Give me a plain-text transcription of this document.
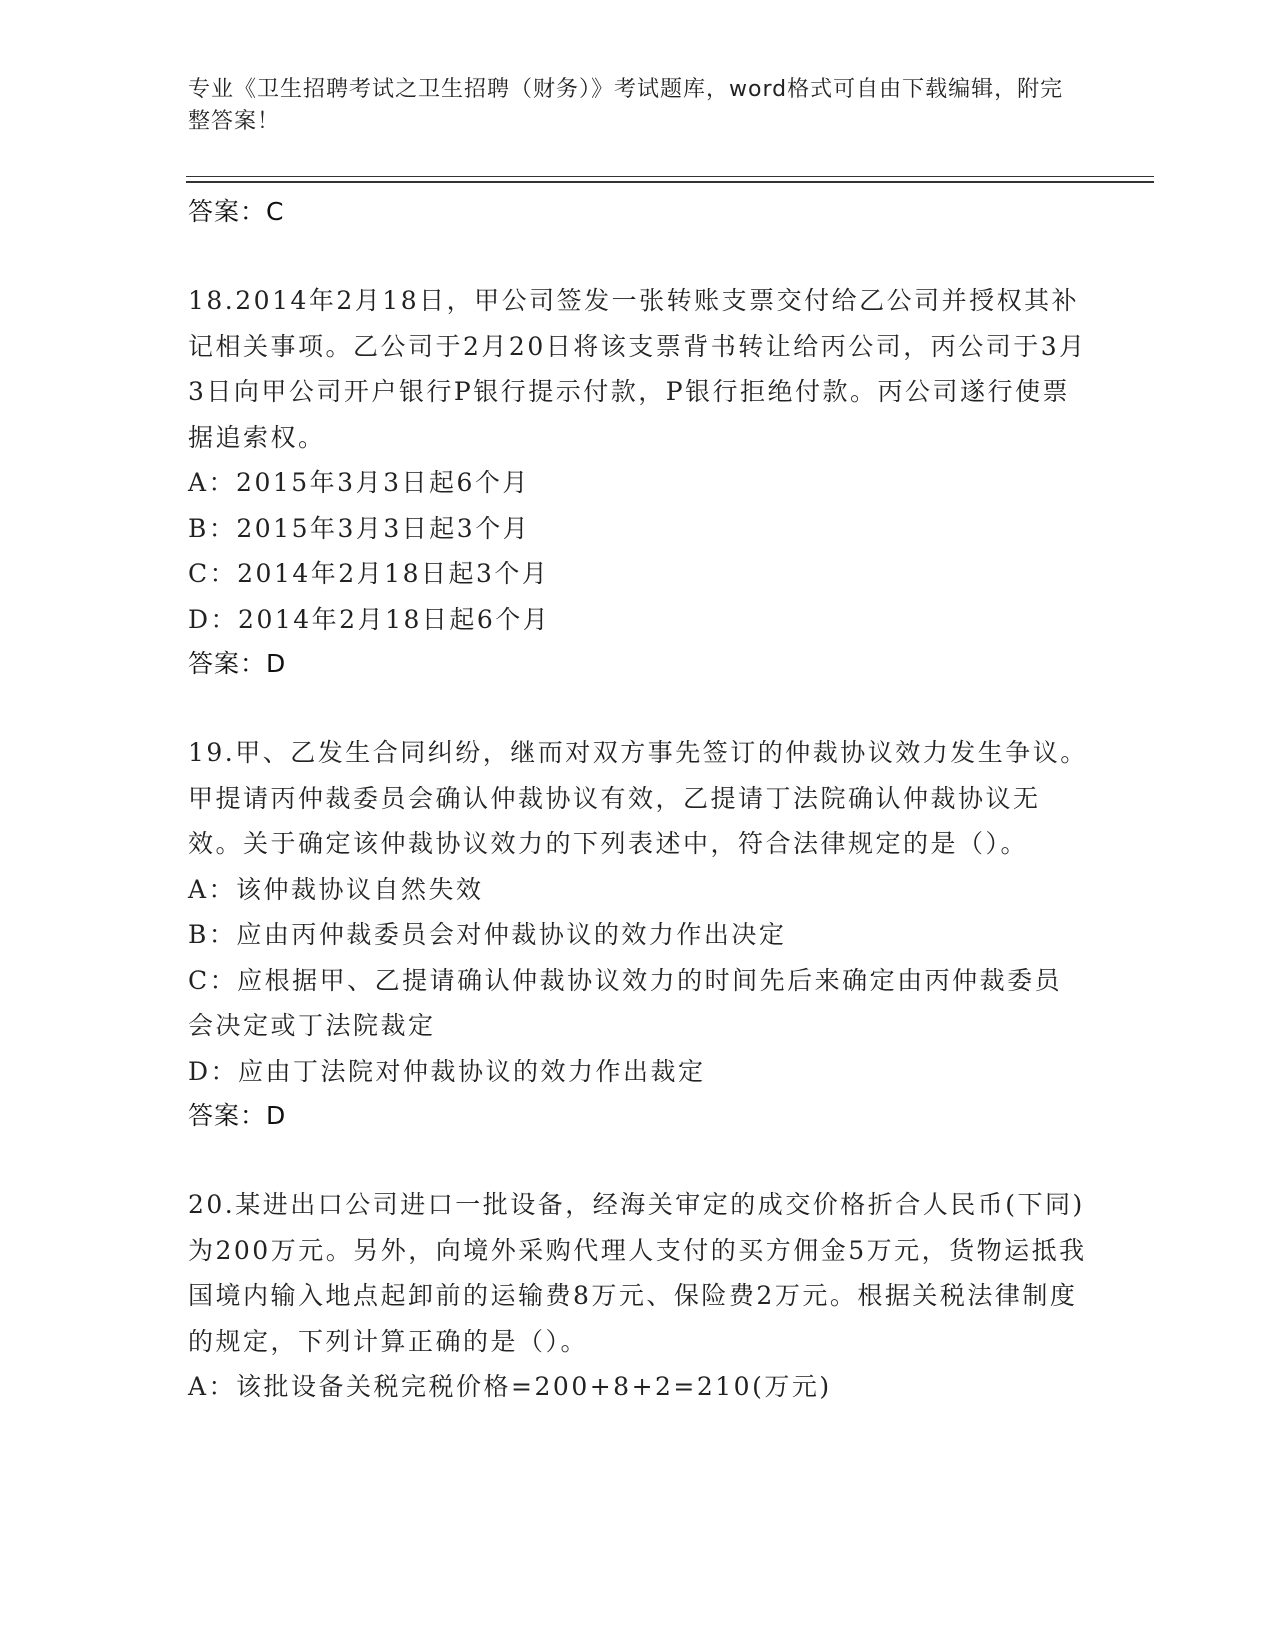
专业《卫生招聘考试之卫生招聘（财务）》考试题库，word格式可自由下载编辑，附完整答案！
答案：C

18.2014年2月18日，甲公司签发一张转账支票交付给乙公司并授权其补记相关事项。乙公司于2月20日将该支票背书转让给丙公司，丙公司于3月3日向甲公司开户银行P银行提示付款，P银行拒绝付款。丙公司遂行使票据追索权。

A：2015年3月3日起6个月

B：2015年3月3日起3个月

C：2014年2月18日起3个月

D：2014年2月18日起6个月

答案：D

19.甲、乙发生合同纠纷，继而对双方事先签订的仲裁协议效力发生争议。甲提请丙仲裁委员会确认仲裁协议有效，乙提请丁法院确认仲裁协议无效。关于确定该仲裁协议效力的下列表述中，符合法律规定的是（）。

A：该仲裁协议自然失效

B：应由丙仲裁委员会对仲裁协议的效力作出决定

C：应根据甲、乙提请确认仲裁协议效力的时间先后来确定由丙仲裁委员会决定或丁法院裁定

D：应由丁法院对仲裁协议的效力作出裁定

答案：D

20.某进出口公司进口一批设备，经海关审定的成交价格折合人民币(下同)为200万元。另外，向境外采购代理人支付的买方佣金5万元，货物运抵我国境内输入地点起卸前的运输费8万元、保险费2万元。根据关税法律制度的规定，下列计算正确的是（）。

A：该批设备关税完税价格=200+8+2=210(万元)
